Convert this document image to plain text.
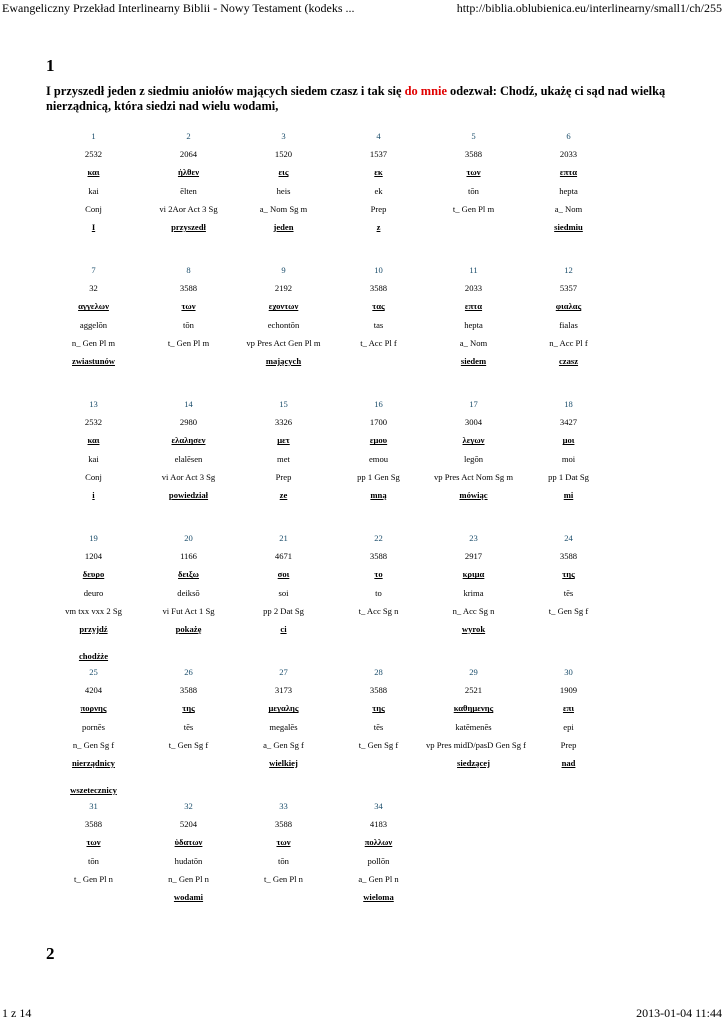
Ewangeliczny Przekład Interlinearny Biblii - Nowy Testament (kodeks ...	http://biblia.oblubienica.eu/interlinearny/small1/ch/255
1
I przyszedł jeden z siedmiu aniołów mających siedem czasz i tak się do mnie odezwał: Chodź, ukażę ci sąd nad wielką nierządnicą, która siedzi nad wielu wodami,
1
2532
και
kai
Conj
I
2
2064
ἠλθεν
ēlten
vi 2Aor Act 3 Sg
przyszedł
3
1520
εις
heis
a_ Nom Sg m
jeden
4
1537
εκ
ek
Prep
z
5
3588
των
tōn
t_ Gen Pl m
6
2033
επτα
hepta
a_ Nom
siedmiu
7
32
αγγελων
aggelōn
n_ Gen Pl m
zwiastunów
8
3588
των
tōn
t_ Gen Pl m
9
2192
εχοντων
echontōn
vp Pres Act Gen Pl m
mających
10
3588
τας
tas
t_ Acc Pl f
11
2033
επτα
hepta
a_ Nom
siedem
12
5357
φιαλας
fialas
n_ Acc Pl f
czasz
13
2532
και
kai
Conj
i
14
2980
ελαλησεν
elalēsen
vi Aor Act 3 Sg
powiedział
15
3326
μετ
met
Prep
ze
16
1700
εμου
emou
pp 1 Gen Sg
mną
17
3004
λεγων
legōn
vp Pres Act Nom Sg m
mówiąc
18
3427
μοι
moi
pp 1 Dat Sg
mi
19
1204
δευρο
deuro
vm txx vxx 2 Sg
przyjdź
chodźże
20
1166
δειξω
deiksō
vi Fut Act 1 Sg
pokażę
21
4671
σοι
soi
pp 2 Dat Sg
ci
22
3588
το
to
t_ Acc Sg n
23
2917
κριμα
krima
n_ Acc Sg n
wyrok
24
3588
της
tēs
t_ Gen Sg f
25
4204
πορνης
pornēs
n_ Gen Sg f
nierządnicy
wszetecznicy
26
3588
της
tēs
t_ Gen Sg f
27
3173
μεγαλης
megalēs
a_ Gen Sg f
wielkiej
28
3588
της
tēs
t_ Gen Sg f
29
2521
καθημενης
katēmenēs
vp Pres midD/pasD Gen Sg f
siedzącej
30
1909
επι
epi
Prep
nad
31
3588
των
tōn
t_ Gen Pl n
32
5204
ὑδατων
hudatōn
n_ Gen Pl n
wodami
33
3588
των
tōn
t_ Gen Pl n
34
4183
πολλων
pollōn
a_ Gen Pl n
wieloma
2
1 z 14	2013-01-04 11:44
